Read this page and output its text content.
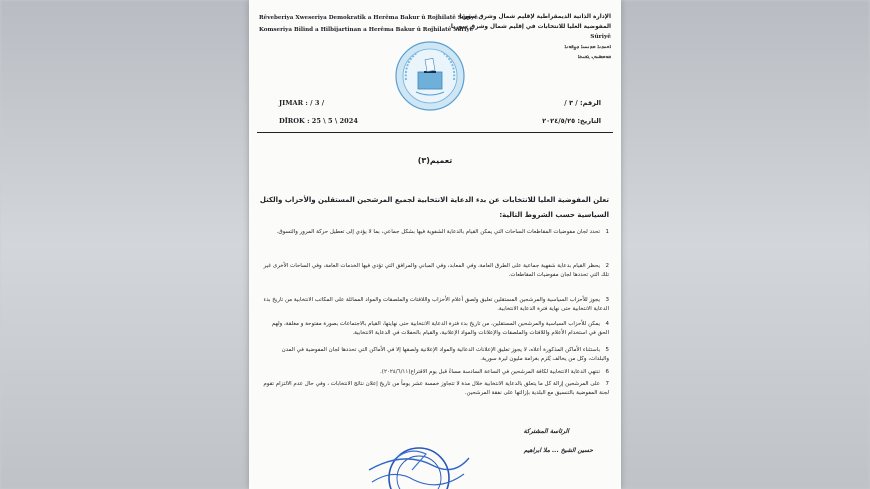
Rêveberiya Xweseriya Demokratîk a Herêma Bakur û Rojhilatê Sûriyê
Komseriya Bilind a Hilbijartinan a Herêma Bakur û Rojhilatê Sûriyê
الإدارة الذاتية الديمقراطية لإقليم شمال وشرق سوريا
المفوضية العليا للانتخابات في إقليم شمال وشرق سوريا
Sûriyê
ܐܘܚܕܢܐ ܡܕܢܚܝܐ ܕܨܦܘܢܐ
ܩܘܡܣܝܘܢ ܓܒܝܬܐ
JIMAR : / 3 /
DÎROK : 25 \ 5 \ 2024
الرقم: / ٣ /
التاريخ: ٢٠٢٤/٥/٢٥
تعميم(٣)
تعلن المفوضية العليا للانتخابات عن بدء الدعاية الانتخابية لجميع المرشحين المستقلين والأحزاب والكتل السياسية حسب الشروط التالية:
1تحدد لجان مفوضيات المقاطعات الساحات التي يمكن القيام بالدعاية الشفوية فيها بشكل جماعي، بما لا يؤدي إلى تعطيل حركة المرور والتسوق.
2يحظر القيام بدعاية شفهية جماعية على الطرق العامة، وفي المعابد، وفي المباني والمرافق التي تؤدي فيها الخدمات العامة، وفي الساحات الأخرى غير تلك التي تحددها لجان مفوضيات المقاطعات.
3يجوز للأحزاب السياسية والمرشحين المستقلين تعليق ولصق أعلام الأحزاب واللافتات والملصقات والمواد المماثلة على المكاتب الانتخابية من تاريخ بدء الدعاية الانتخابية حتى نهاية فترة الدعاية الانتخابية.
4يمكن للأحزاب السياسية والمرشحين المستقلين، من تاريخ بدء فترة الدعاية الانتخابية حتى نهايتها، القيام بالاجتماعات بصورة مفتوحة و مغلقة، ولهم الحق في استخدام الأعلام واللافتات والملصقات والإعلانات والمواد الإعلانية، والقيام بالحفلات في الدعاية الانتخابية.
5باستثناء الأماكن المذكورة أعلاه، لا يجوز تعليق الإعلانات الدعائية والمواد الإعلانية ولصقها إلا في الأماكن التي تحددها لجان المفوضية في المدن والبلدات، وكل من يخالف يُلزم بغرامة مليون ليرة سورية.
6تنتهي الدعاية الانتخابية لكافة المرشحين في الساعة السادسة مساءً قبل يوم الاقتراع(٢٠٢٤/٦/١١).
7على المرشحين إزالة كل ما يتعلق بالدعاية الانتخابية خلال مدة لا تتجاوز خمسة عشر يوماً من تاريخ إعلان نتائج الانتخابات ، وفي حال عدم الالتزام تقوم لجنة المفوضية بالتنسيق مع البلدية بإزالتها على نفقة المرشحين.
الرئاسة المشتركة
حسين الشيخ ... ملا ابراهيم
